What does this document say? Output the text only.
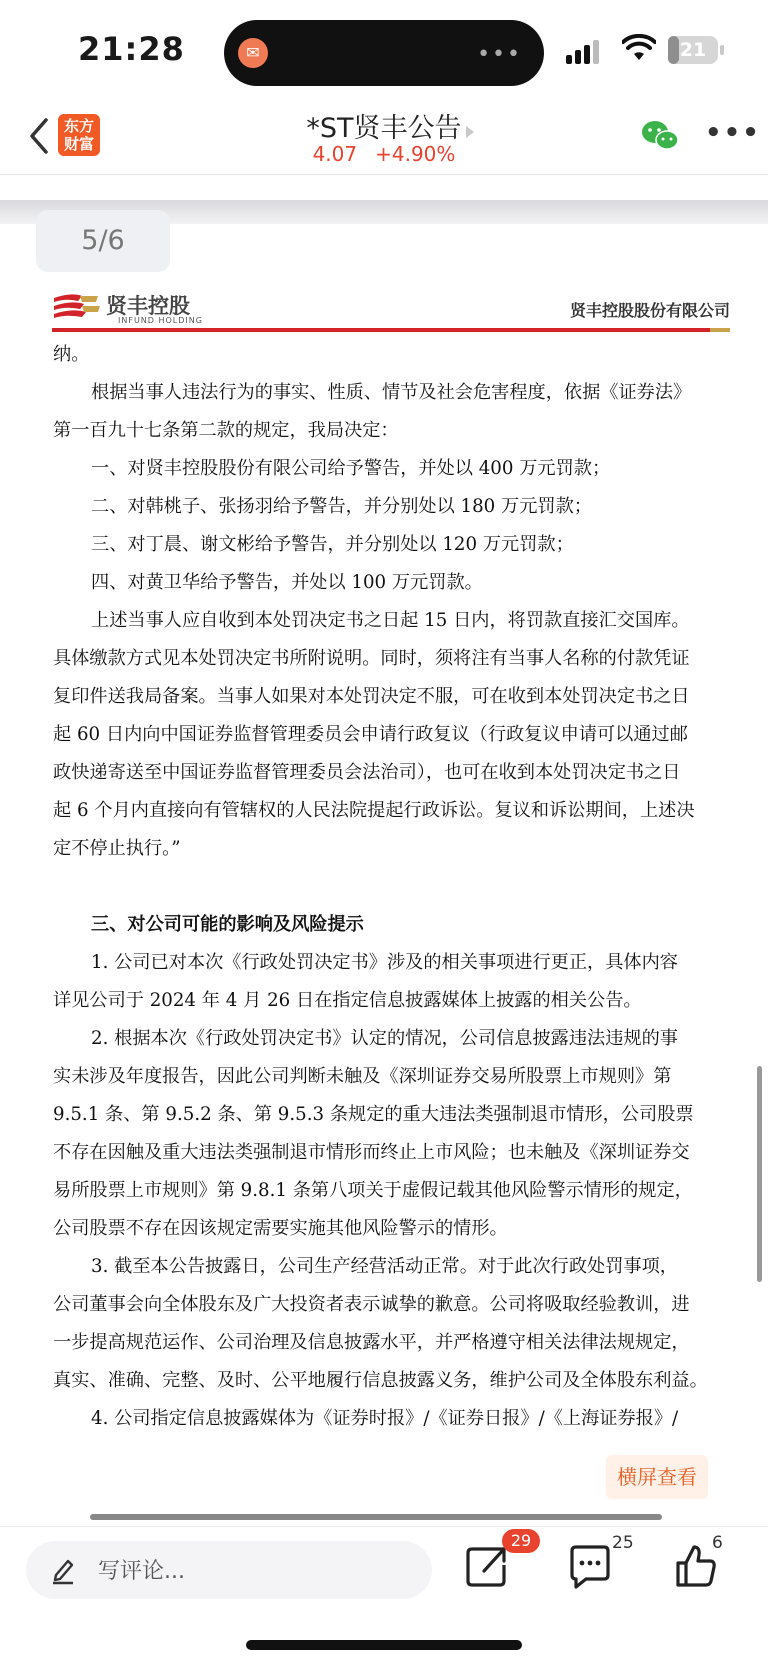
21:28	✉	•••	21
东方
财富	*ST贤丰公告
4.07 +4.90%
•••
5/6
贤丰控股
INFUND HOLDING
贤丰控股股份有限公司
纳。
根据当事人违法行为的事实、性质、情节及社会危害程度，依据《证券法》
第一百九十七条第二款的规定，我局决定：
一、对贤丰控股股份有限公司给予警告，并处以 400 万元罚款；
二、对韩桃子、张扬羽给予警告，并分别处以 180 万元罚款；
三、对丁晨、谢文彬给予警告，并分别处以 120 万元罚款；
四、对黄卫华给予警告，并处以 100 万元罚款。
上述当事人应自收到本处罚决定书之日起 15 日内，将罚款直接汇交国库。
具体缴款方式见本处罚决定书所附说明。同时，须将注有当事人名称的付款凭证
复印件送我局备案。当事人如果对本处罚决定不服，可在收到本处罚决定书之日
起 60 日内向中国证券监督管理委员会申请行政复议（行政复议申请可以通过邮
政快递寄送至中国证券监督管理委员会法治司），也可在收到本处罚决定书之日
起 6 个月内直接向有管辖权的人民法院提起行政诉讼。复议和诉讼期间，上述决
定不停止执行。”
三、对公司可能的影响及风险提示
1. 公司已对本次《行政处罚决定书》涉及的相关事项进行更正，具体内容
详见公司于 2024 年 4 月 26 日在指定信息披露媒体上披露的相关公告。
2. 根据本次《行政处罚决定书》认定的情况，公司信息披露违法违规的事
实未涉及年度报告，因此公司判断未触及《深圳证券交易所股票上市规则》第
9.5.1 条、第 9.5.2 条、第 9.5.3 条规定的重大违法类强制退市情形，公司股票
不存在因触及重大违法类强制退市情形而终止上市风险；也未触及《深圳证券交
易所股票上市规则》第 9.8.1 条第八项关于虚假记载其他风险警示情形的规定，
公司股票不存在因该规定需要实施其他风险警示的情形。
3. 截至本公告披露日，公司生产经营活动正常。对于此次行政处罚事项，
公司董事会向全体股东及广大投资者表示诚挚的歉意。公司将吸取经验教训，进
一步提高规范运作、公司治理及信息披露水平，并严格遵守相关法律法规规定，
真实、准确、完整、及时、公平地履行信息披露义务，维护公司及全体股东利益。
4. 公司指定信息披露媒体为《证券时报》/《证券日报》/《上海证券报》/
横屏查看
写评论...
29	25	6
